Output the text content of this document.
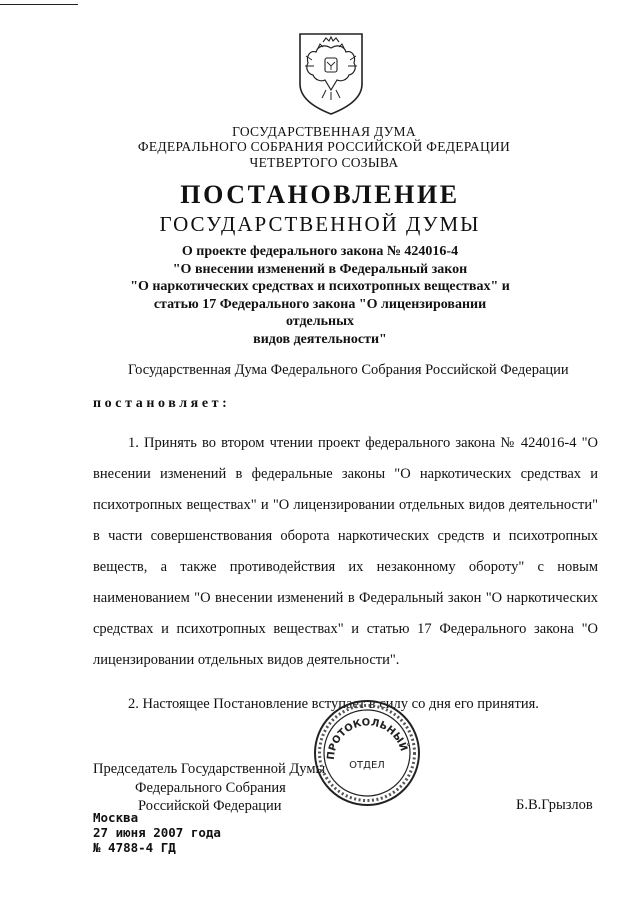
ГОСУДАРСТВЕННАЯ ДУМА
ФЕДЕРАЛЬНОГО СОБРАНИЯ РОССИЙСКОЙ ФЕДЕРАЦИИ
ЧЕТВЕРТОГО СОЗЫВА
ПОСТАНОВЛЕНИЕ
ГОСУДАРСТВЕННОЙ ДУМЫ
О проекте федерального закона № 424016-4
"О внесении изменений в Федеральный закон
"О наркотических средствах и психотропных веществах" и
статью 17 Федерального закона "О лицензировании отдельных
видов деятельности"
Государственная Дума Федерального Собрания Российской Федерации
постановляет:
1. Принять во втором чтении проект федерального закона № 424016-4 "О внесении изменений в федеральные законы "О наркотических средствах и психотропных веществах" и "О лицензировании отдельных видов деятельности" в части совершенствования оборота наркотических средств и психотропных веществ, а также противодействия их незаконному обороту" с новым наименованием "О внесении изменений в Федеральный закон "О наркотических средствах и психотропных веществах" и статью 17 Федерального закона "О лицензировании отдельных видов деятельности".
2. Настоящее Постановление вступает в силу со дня его принятия.
Председатель Государственной Думы
Федерального Собрания
Российской Федерации	Б.В.Грызлов
Москва
27 июня 2007 года
№ 4788-4 ГД
ПРОТОКОЛЬНЫЙ
ОТДЕЛ
